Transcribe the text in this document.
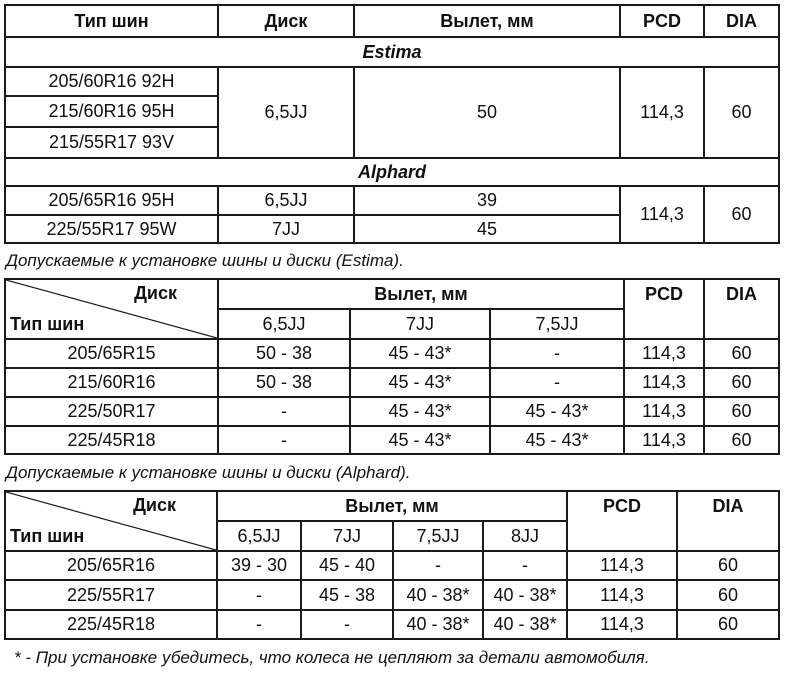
Тип шин	Диск	Вылет, мм	PCD	DIA
Estima				
205/60R16 92H	6,5JJ	50	114,3	60
215/60R16 95H				
215/55R17 93V				
Alphard				
205/65R16 95H	6,5JJ	39	114,3	60
225/55R17 95W	7JJ	45		
Допускаемые к установке шины и диски (Estima).
Диск
Тип шин	Вылет, мм			PCD	DIA
	6,5JJ	7JJ	7,5JJ		
205/65R15	50 - 38	45 - 43*	-	114,3	60
215/60R16	50 - 38	45 - 43*	-	114,3	60
225/50R17	-	45 - 43*	45 - 43*	114,3	60
225/45R18	-	45 - 43*	45 - 43*	114,3	60
Допускаемые к установке шины и диски (Alphard).
Диск
Тип шин	Вылет, мм				PCD	DIA
	6,5JJ	7JJ	7,5JJ	8JJ		
205/65R16	39 - 30	45 - 40	-	-	114,3	60
225/55R17	-	45 - 38	40 - 38*	40 - 38*	114,3	60
225/45R18	-	-	40 - 38*	40 - 38*	114,3	60
* - При установке убедитесь, что колеса не цепляют за детали автомобиля.
